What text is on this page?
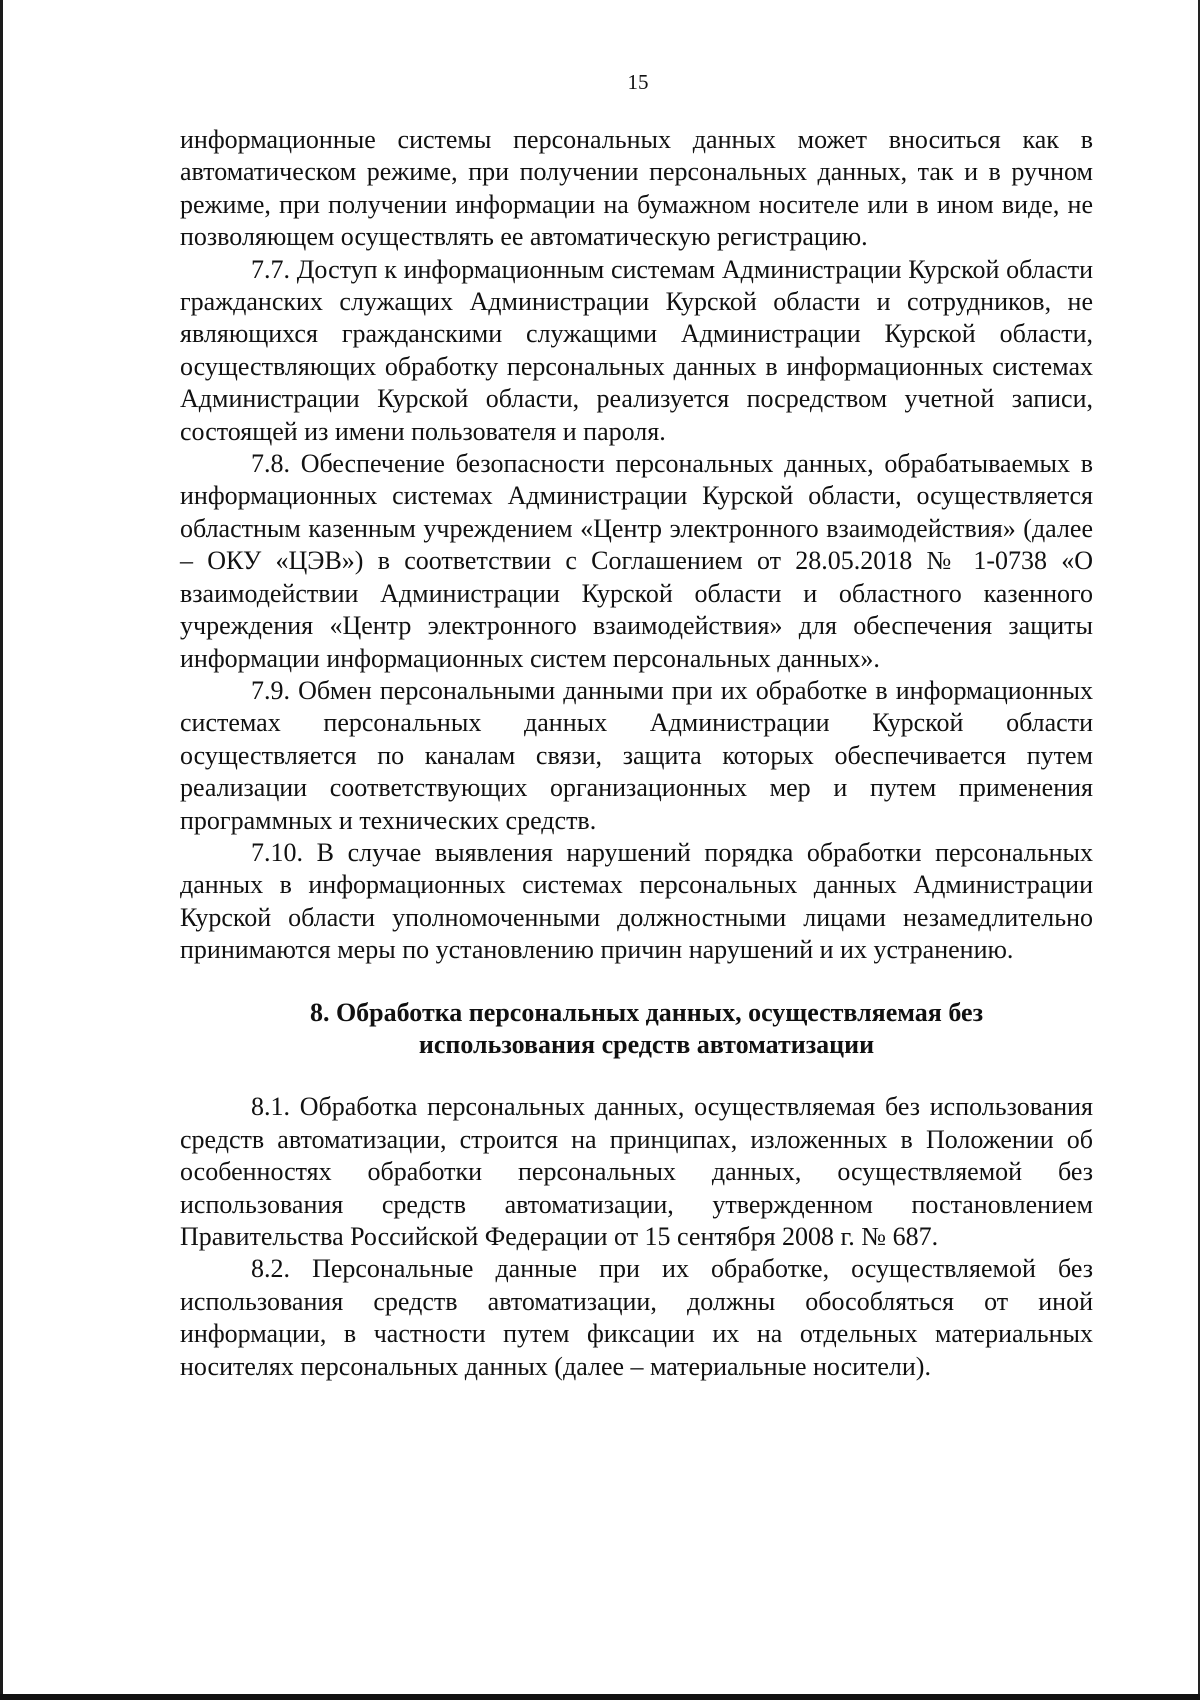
15

информационные системы персональных данных может вноситься как в автоматическом режиме, при получении персональных данных, так и в ручном режиме, при получении информации на бумажном носителе или в ином виде, не позволяющем осуществлять ее автоматическую регистрацию.

7.7. Доступ к информационным системам Администрации Курской области гражданских служащих Администрации Курской области и сотрудников, не являющихся гражданскими служащими Администрации Курской области, осуществляющих обработку персональных данных в информационных системах Администрации Курской области, реализуется посредством учетной записи, состоящей из имени пользователя и пароля.

7.8. Обеспечение безопасности персональных данных, обрабатываемых в информационных системах Администрации Курской области, осуществляется областным казенным учреждением «Центр электронного взаимодействия» (далее – ОКУ «ЦЭВ») в соответствии с Соглашением от 28.05.2018 № 1-0738 «О взаимодействии Администрации Курской области и областного казенного учреждения «Центр электронного взаимодействия» для обеспечения защиты информации информационных систем персональных данных».

7.9. Обмен персональными данными при их обработке в информационных системах персональных данных Администрации Курской области осуществляется по каналам связи, защита которых обеспечивается путем реализации соответствующих организационных мер и путем применения программных и технических средств.

7.10. В случае выявления нарушений порядка обработки персональных данных в информационных системах персональных данных Администрации Курской области уполномоченными должностными лицами незамедлительно принимаются меры по установлению причин нарушений и их устранению.

8. Обработка персональных данных, осуществляемая без
использования средств автоматизации

8.1. Обработка персональных данных, осуществляемая без использования средств автоматизации, строится на принципах, изложенных в Положении об особенностях обработки персональных данных, осуществляемой без использования средств автоматизации, утвержденном постановлением Правительства Российской Федерации от 15 сентября 2008 г. № 687.

8.2. Персональные данные при их обработке, осуществляемой без использования средств автоматизации, должны обособляться от иной информации, в частности путем фиксации их на отдельных материальных носителях персональных данных (далее – материальные носители).
